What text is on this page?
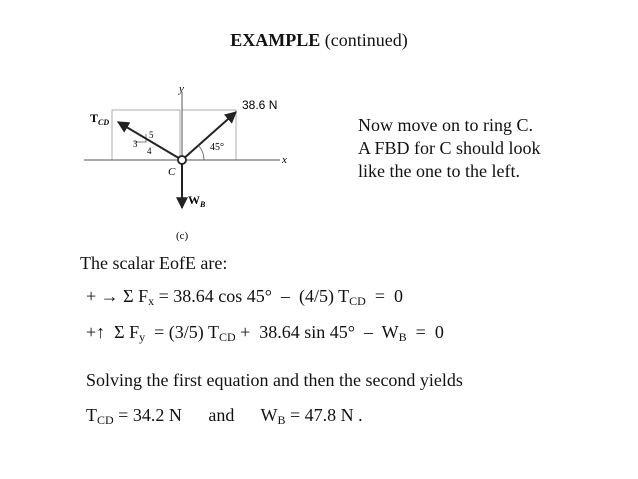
EXAMPLE (continued)
y
x
3
5
4
$T_{CD}$
38.6 N
45°
$W_B$
C
(c)
Now move on to ring C.
A FBD for C should look
like the one to the left.
The scalar EofE are:
+ → Σ $F_x = 38.64$ cos 45°  –  (4/5) $T_{CD} = 0$
+↑  Σ $F_y = (3/5) T_{CD} + 38.64$ $\sin 45^\circ - W_B = 0$
Solving the first equation and then the second yields
$T_{CD} = 34.2$ N and $W_B = 47.8$ N .
